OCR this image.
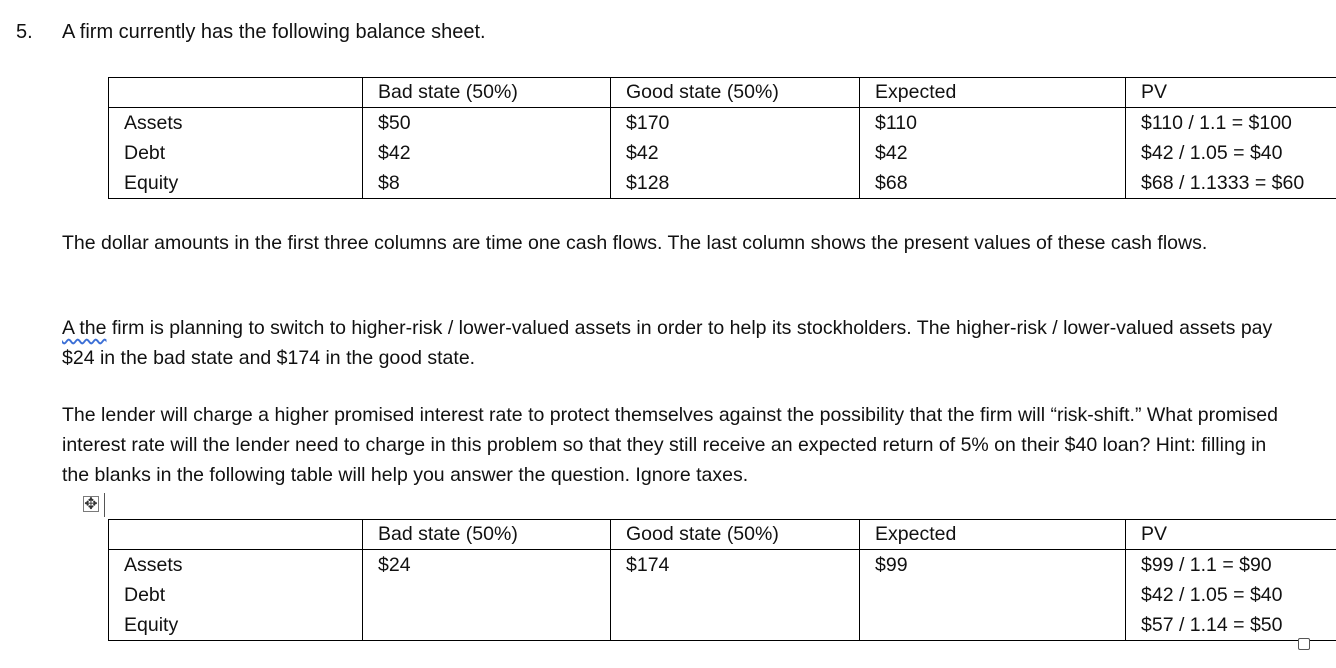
5. A firm currently has the following balance sheet.
	Bad state (50%)	Good state (50%)	Expected	PV
Assets	$50	$170	$110	$110 / 1.1 = $100
Debt	$42	$42	$42	$42 / 1.05 = $40
Equity	$8	$128	$68	$68 / 1.1333 = $60

The dollar amounts in the first three columns are time one cash flows. The last column shows the present values of these cash flows.

A the firm is planning to switch to higher-risk / lower-valued assets in order to help its stockholders. The higher-risk / lower-valued assets pay $24 in the bad state and $174 in the good state.

The lender will charge a higher promised interest rate to protect themselves against the possibility that the firm will “risk-shift.” What promised interest rate will the lender need to charge in this problem so that they still receive an expected return of 5% on their $40 loan? Hint: filling in the blanks in the following table will help you answer the question. Ignore taxes.

✥
	Bad state (50%)	Good state (50%)	Expected	PV
Assets	$24	$174	$99	$99 / 1.1 = $90
Debt				$42 / 1.05 = $40
Equity				$57 / 1.14 = $50
